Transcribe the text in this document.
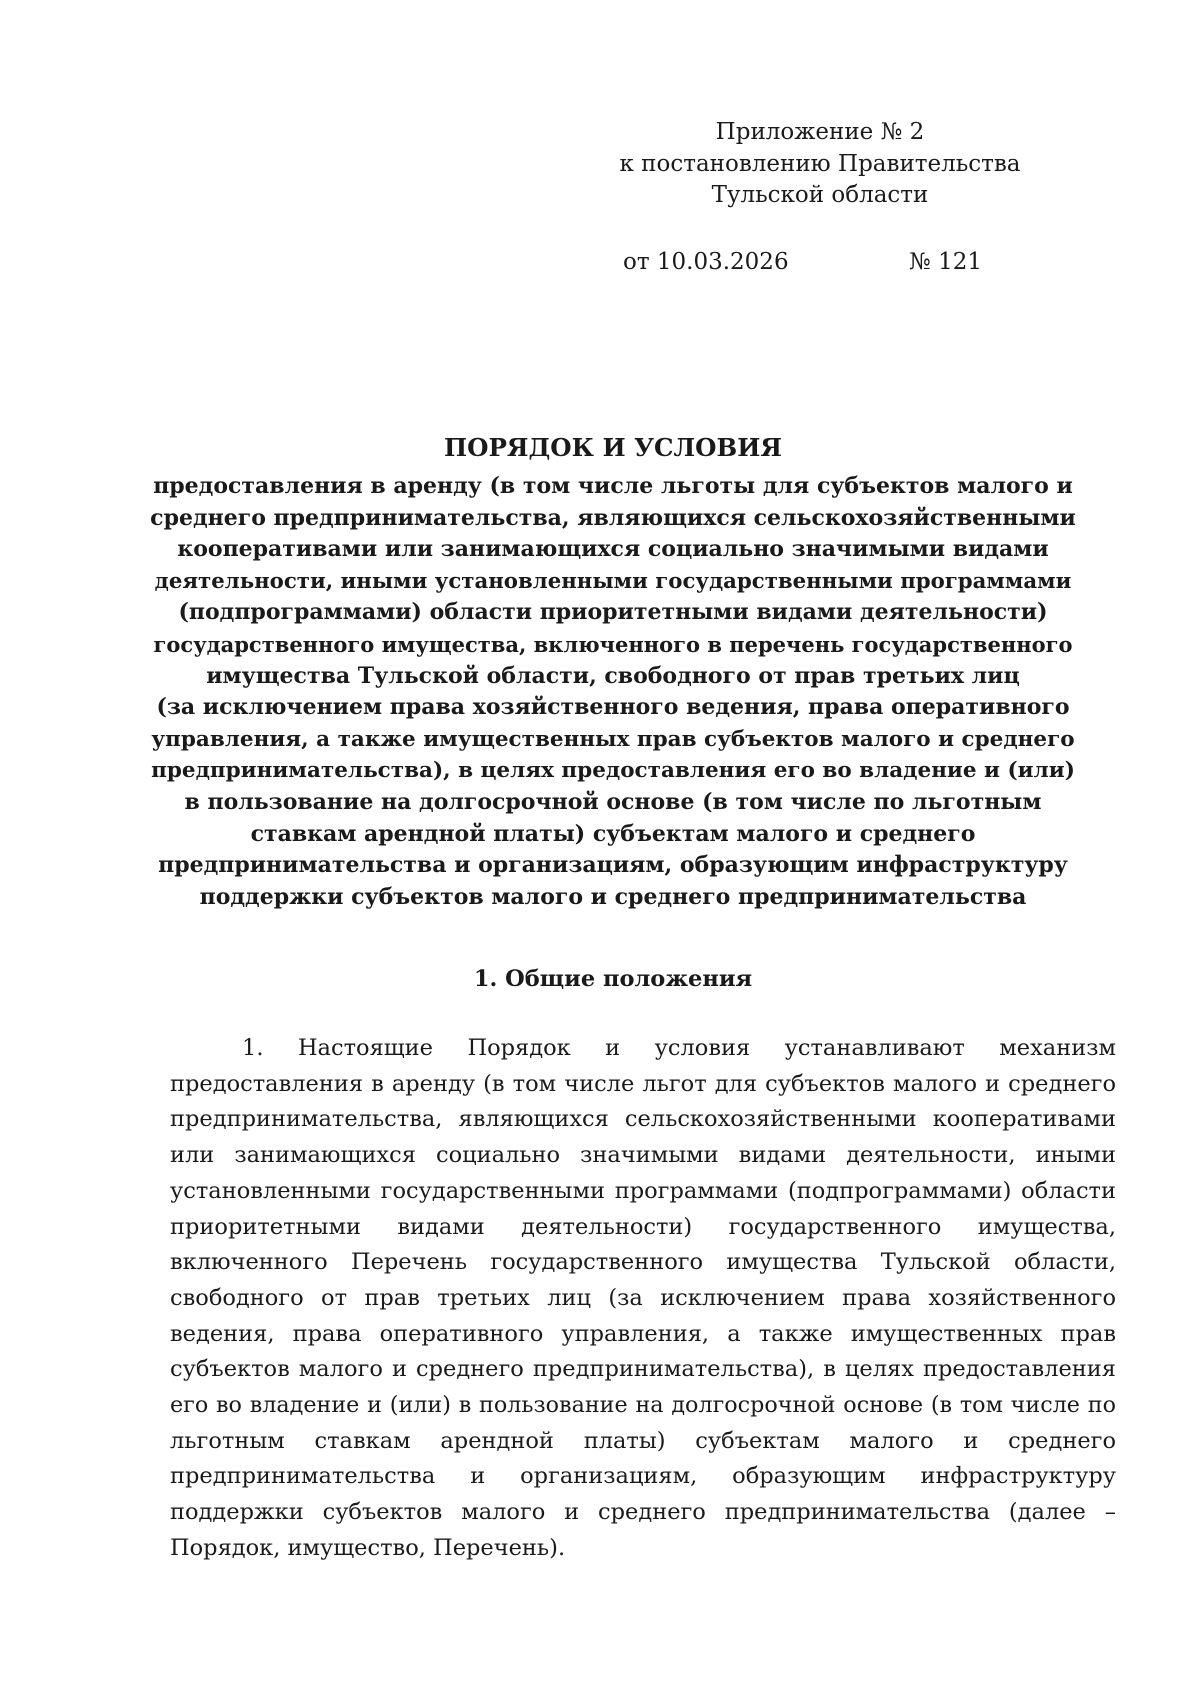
Приложение № 2
к постановлению Правительства
Тульской области
от 10.03.2026	№ 121
ПОРЯДОК И УСЛОВИЯ
предоставления в аренду (в том числе льготы для субъектов малого и
среднего предпринимательства, являющихся сельскохозяйственными
кооперативами или занимающихся социально значимыми видами
деятельности, иными установленными государственными программами
(подпрограммами) области приоритетными видами деятельности)
государственного имущества, включенного в перечень государственного
имущества Тульской области, свободного от прав третьих лиц
(за исключением права хозяйственного ведения, права оперативного
управления, а также имущественных прав субъектов малого и среднего
предпринимательства), в целях предоставления его во владение и (или)
в пользование на долгосрочной основе (в том числе по льготным
ставкам арендной платы) субъектам малого и среднего
предпринимательства и организациям, образующим инфраструктуру
поддержки субъектов малого и среднего предпринимательства
1. Общие положения
1. Настоящие Порядок и условия устанавливают механизм
предоставления в аренду (в том числе льгот для субъектов малого и среднего
предпринимательства, являющихся сельскохозяйственными кооперативами
или занимающихся социально значимыми видами деятельности, иными
установленными государственными программами (подпрограммами) области
приоритетными видами деятельности) государственного имущества,
включенного Перечень государственного имущества Тульской области,
свободного от прав третьих лиц (за исключением права хозяйственного
ведения, права оперативного управления, а также имущественных прав
субъектов малого и среднего предпринимательства), в целях предоставления
его во владение и (или) в пользование на долгосрочной основе (в том числе по
льготным ставкам арендной платы) субъектам малого и среднего
предпринимательства и организациям, образующим инфраструктуру
поддержки субъектов малого и среднего предпринимательства (далее –
Порядок, имущество, Перечень).
